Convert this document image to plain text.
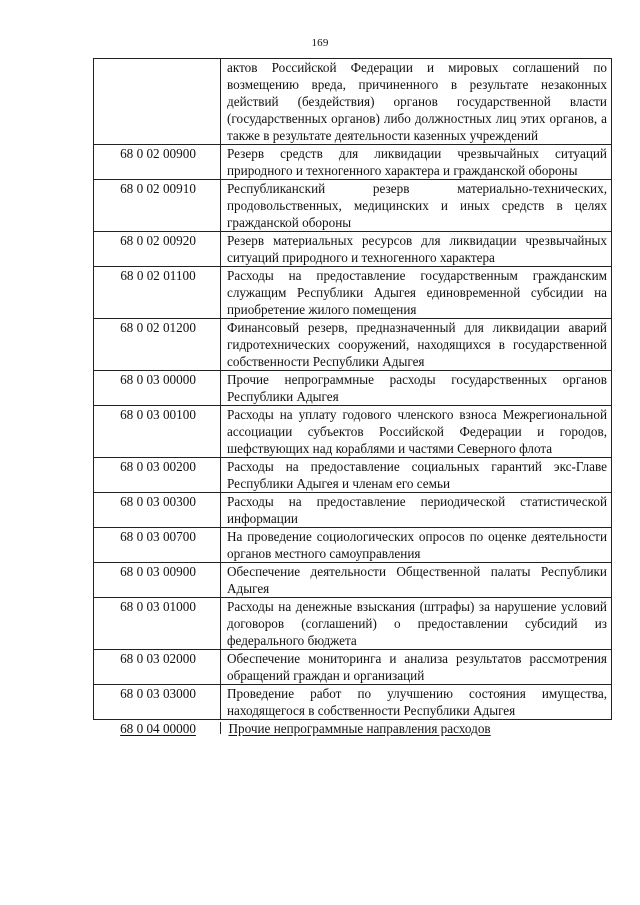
169
	актов Российской Федерации и мировых соглашений по возмещению вреда, причиненного в результате незаконных действий (бездействия) органов государственной власти (государственных органов) либо должностных лиц этих органов, а также в результате деятельности казенных учреждений
68 0 02 00900	Резерв средств для ликвидации чрезвычайных ситуаций природного и техногенного характера и гражданской обороны
68 0 02 00910	Республиканский резерв материально-технических, продовольственных, медицинских и иных средств в целях гражданской обороны
68 0 02 00920	Резерв материальных ресурсов для ликвидации чрезвычайных ситуаций природного и техногенного характера
68 0 02 01100	Расходы на предоставление государственным гражданским служащим Республики Адыгея единовременной субсидии на приобретение жилого помещения
68 0 02 01200	Финансовый резерв, предназначенный для ликвидации аварий гидротехнических сооружений, находящихся в государственной собственности Республики Адыгея
68 0 03 00000	Прочие непрограммные расходы государственных органов Республики Адыгея
68 0 03 00100	Расходы на уплату годового членского взноса Межрегиональной ассоциации субъектов Российской Федерации и городов, шефствующих над кораблями и частями Северного флота
68 0 03 00200	Расходы на предоставление социальных гарантий экс-Главе Республики Адыгея и членам его семьи
68 0 03 00300	Расходы на предоставление периодической статистической информации
68 0 03 00700	На проведение социологических опросов по оценке деятельности органов местного самоуправления
68 0 03 00900	Обеспечение деятельности Общественной палаты Республики Адыгея
68 0 03 01000	Расходы на денежные взыскания (штрафы) за нарушение условий договоров (соглашений) о предоставлении субсидий из федерального бюджета
68 0 03 02000	Обеспечение мониторинга и анализа результатов рассмотрения обращений граждан и организаций
68 0 03 03000	Проведение работ по улучшению состояния имущества, находящегося в собственности Республики Адыгея
68 0 04 00000	Прочие непрограммные направления расходов
